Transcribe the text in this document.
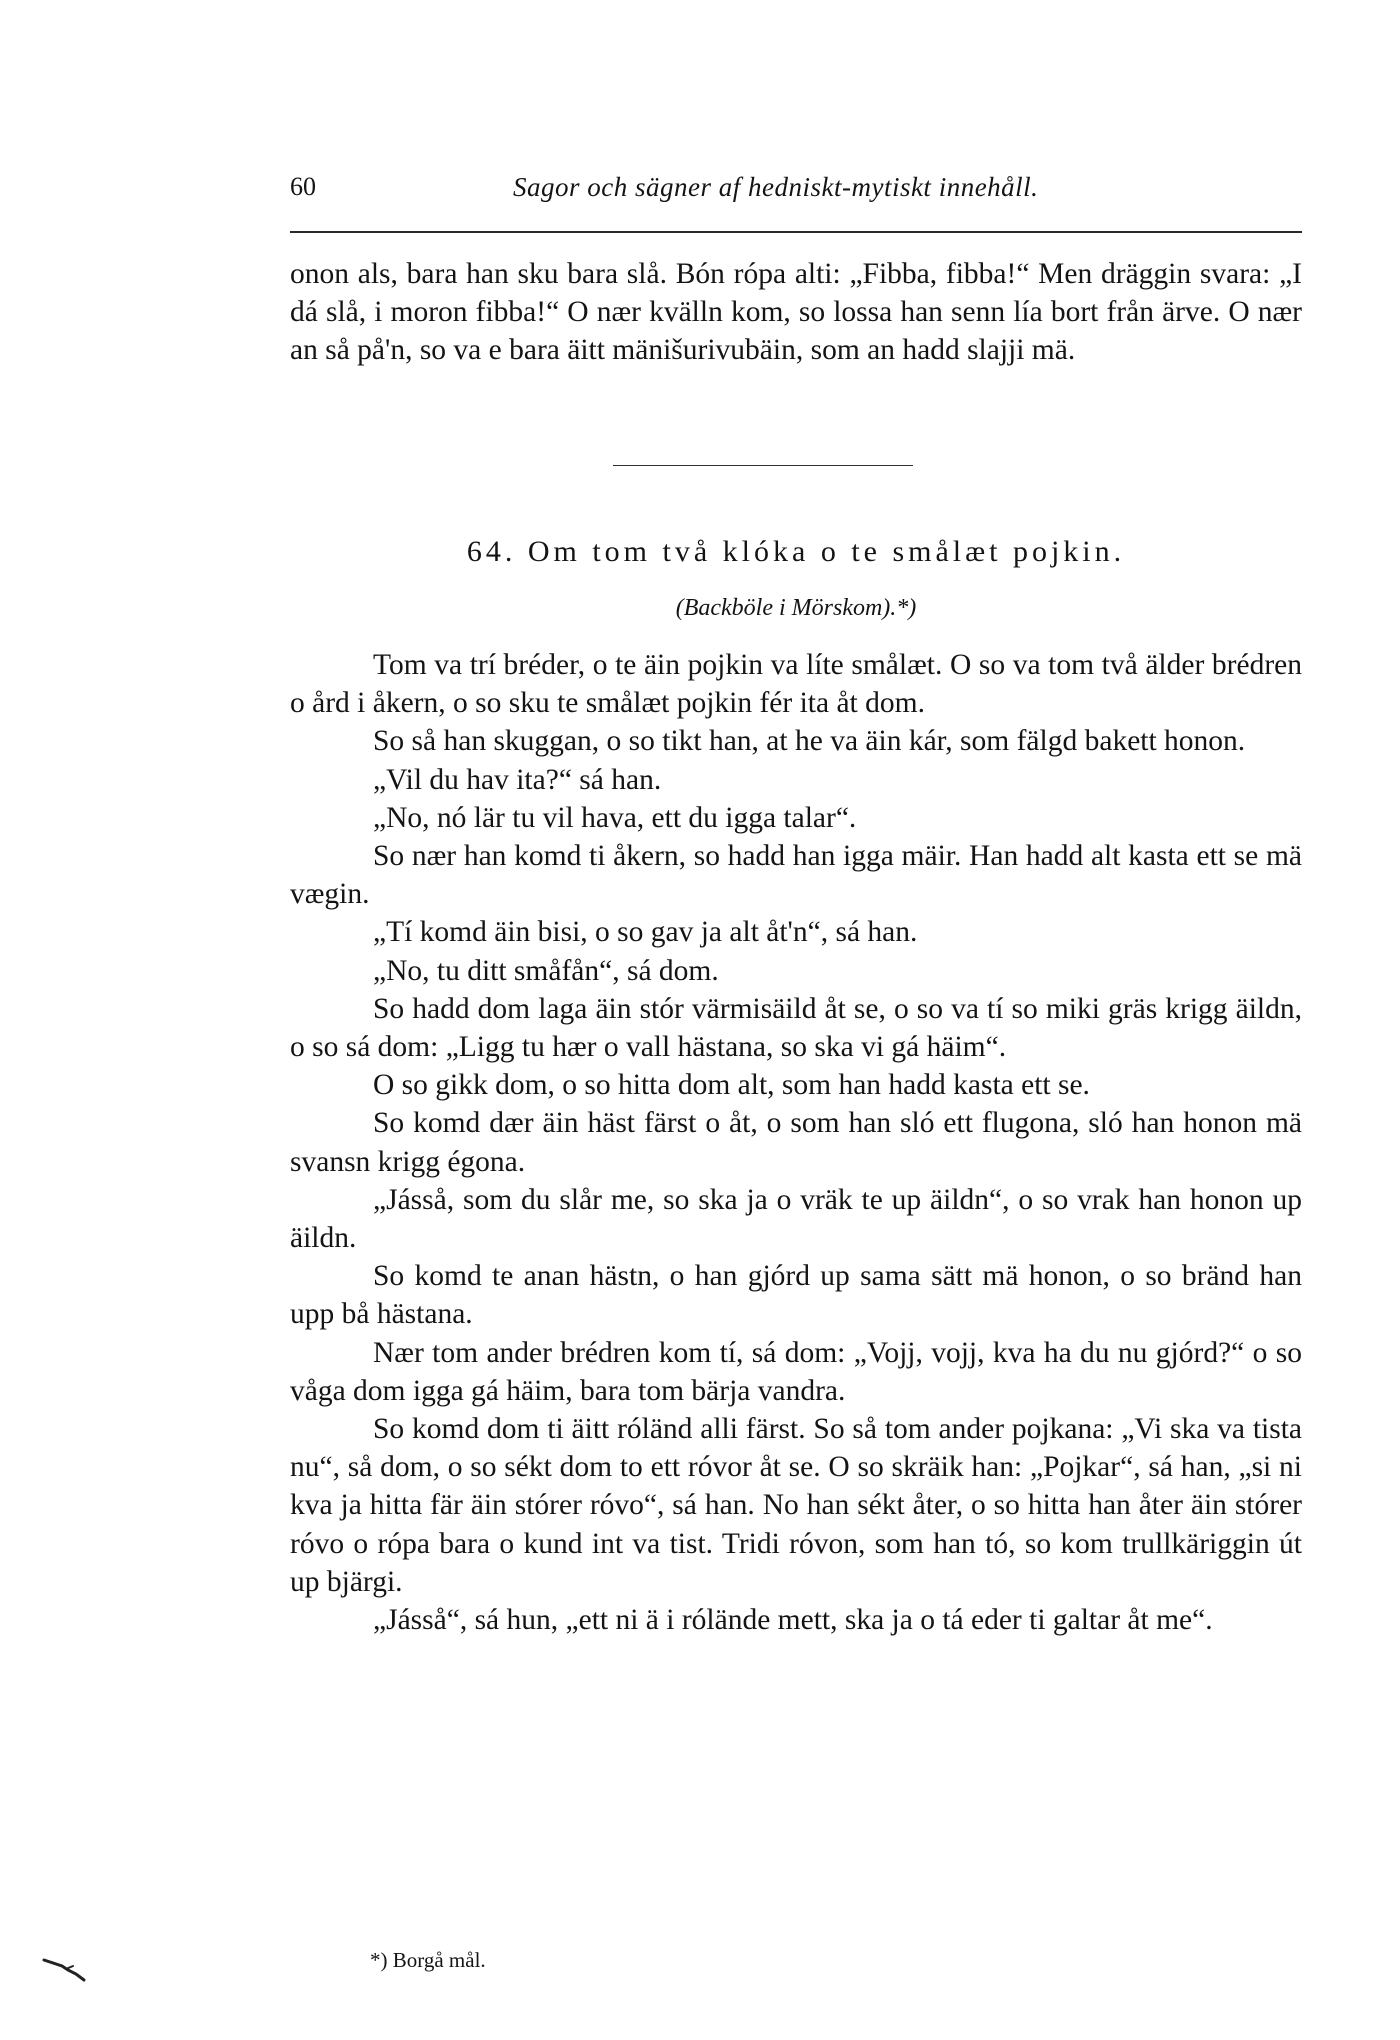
60	Sagor och sägner af hedniskt-mytiskt innehåll.

onon als, bara han sku bara slå. Bón rópa alti: „Fibba, fibba!“ Men dräggin svara: „I dá slå, i moron fibba!“ O nær kvälln kom, so lossa han senn lía bort från ärve. O nær an så på'n, so va e bara äitt mänišurivubäin, som an hadd slajji mä.

64. Om tom två klóka o te smålæt pojkin.
(Backböle i Mörskom).*)

Tom va trí bréder, o te äin pojkin va líte smålæt. O so va tom två älder brédren o ård i åkern, o so sku te smålæt pojkin fér ita åt dom.

So så han skuggan, o so tikt han, at he va äin kár, som fälgd bakett honon.

„Vil du hav ita?“ sá han.

„No, nó lär tu vil hava, ett du igga talar“.

So nær han komd ti åkern, so hadd han igga mäir. Han hadd alt kasta ett se mä vægin.

„Tí komd äin bisi, o so gav ja alt åt'n“, sá han.

„No, tu ditt småfån“, sá dom.

So hadd dom laga äin stór värmisäild åt se, o so va tí so miki gräs krigg äildn, o so sá dom: „Ligg tu hær o vall hästana, so ska vi gá häim“.

O so gikk dom, o so hitta dom alt, som han hadd kasta ett se.

So komd dær äin häst färst o åt, o som han sló ett flugona, sló han honon mä svansn krigg égona.

„Jásså, som du slår me, so ska ja o vräk te up äildn“, o so vrak han honon up äildn.

So komd te anan hästn, o han gjórd up sama sätt mä honon, o so bränd han upp bå hästana.

Nær tom ander brédren kom tí, sá dom: „Vojj, vojj, kva ha du nu gjórd?“ o so våga dom igga gá häim, bara tom bärja vandra.

So komd dom ti äitt róländ alli färst. So så tom ander pojkana: „Vi ska va tista nu“, så dom, o so sékt dom to ett róvor åt se. O so skräik han: „Pojkar“, sá han, „si ni kva ja hitta fär äin stórer róvo“, sá han. No han sékt åter, o so hitta han åter äin stórer róvo o rópa bara o kund int va tist. Tridi róvon, som han tó, so kom trullkäriggin út up bjärgi.

„Jásså“, sá hun, „ett ni ä i rólände mett, ska ja o tá eder ti galtar åt me“.

*) Borgå mål.
